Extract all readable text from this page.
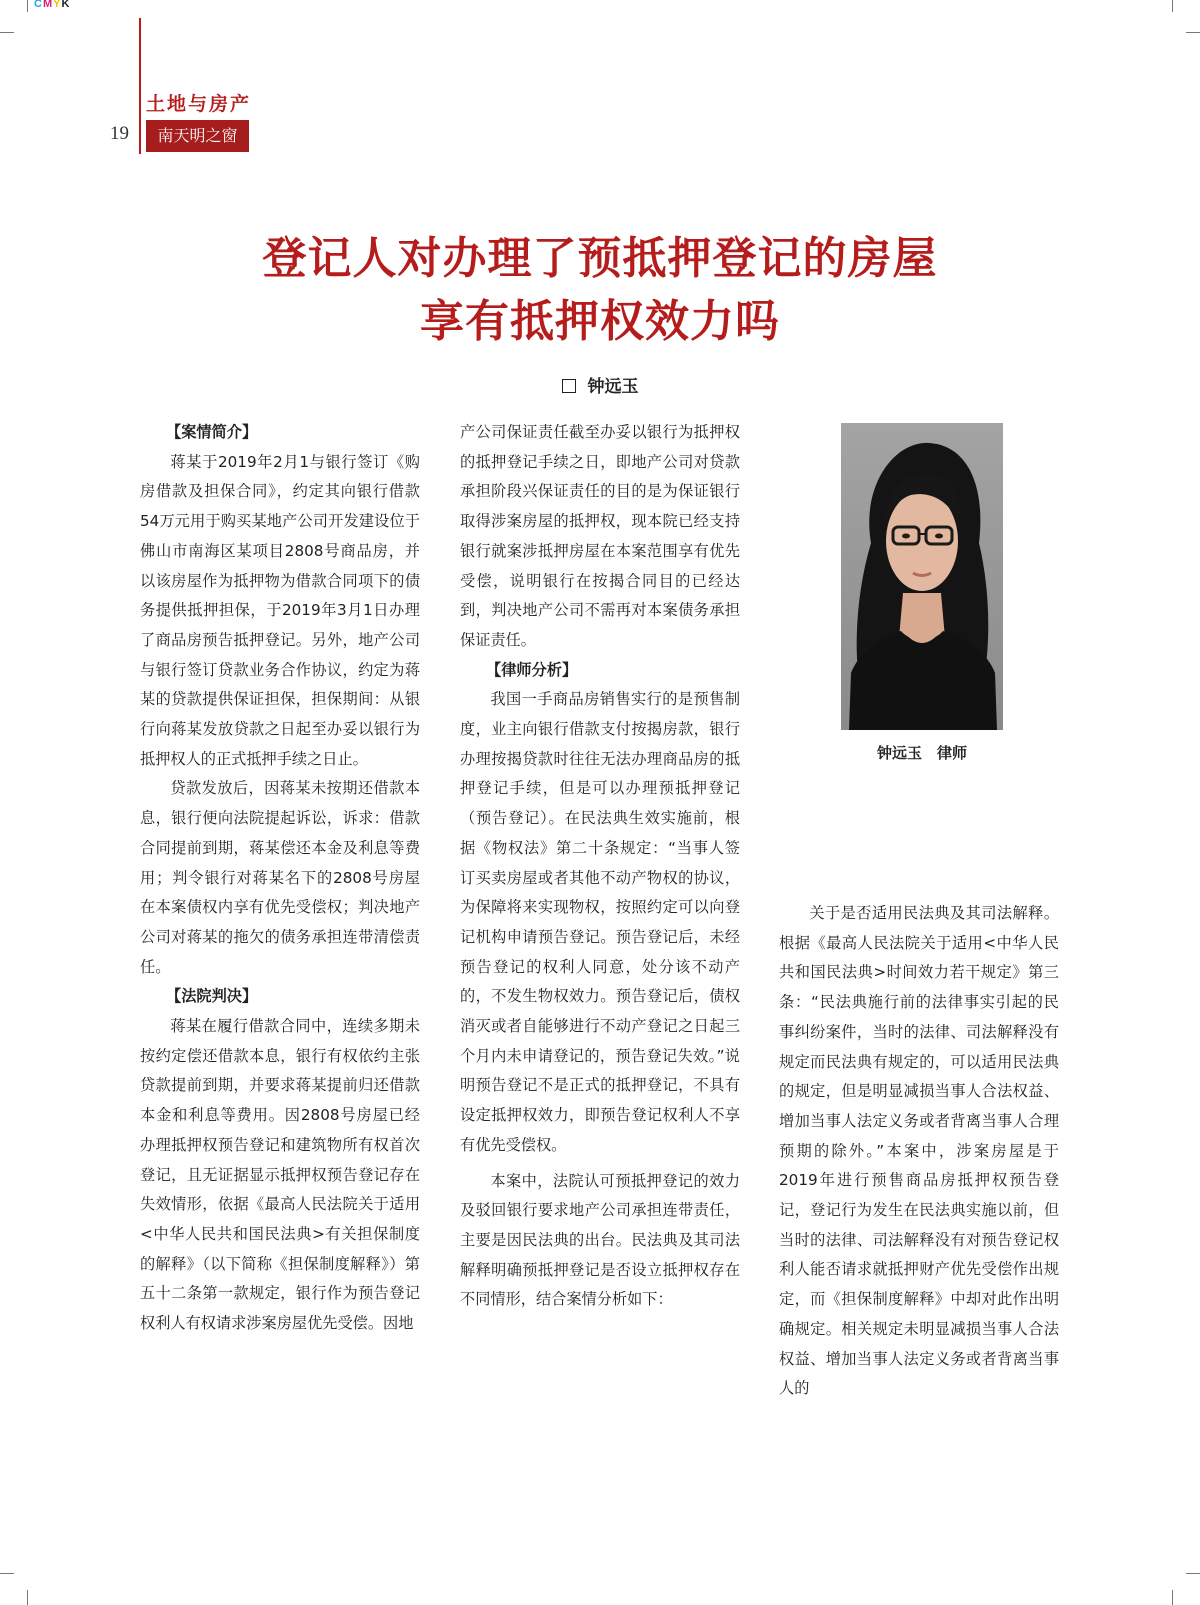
CMYK
土地与房产
19	南天明之窗
登记人对办理了预抵押登记的房屋
享有抵押权效力吗
钟远玉
【案情简介】

蒋某于2019年2月1与银行签订《购房借款及担保合同》，约定其向银行借款54万元用于购买某地产公司开发建设位于佛山市南海区某项目2808号商品房，并以该房屋作为抵押物为借款合同项下的债务提供抵押担保，于2019年3月1日办理了商品房预告抵押登记。另外，地产公司与银行签订贷款业务合作协议，约定为蒋某的贷款提供保证担保，担保期间：从银行向蒋某发放贷款之日起至办妥以银行为抵押权人的正式抵押手续之日止。

贷款发放后，因蒋某未按期还借款本息，银行便向法院提起诉讼，诉求：借款合同提前到期，蒋某偿还本金及利息等费用；判令银行对蒋某名下的2808号房屋在本案债权内享有优先受偿权；判决地产公司对蒋某的拖欠的债务承担连带清偿责任。

【法院判决】

蒋某在履行借款合同中，连续多期未按约定偿还借款本息，银行有权依约主张贷款提前到期，并要求蒋某提前归还借款本金和利息等费用。因2808号房屋已经办理抵押权预告登记和建筑物所有权首次登记，且无证据显示抵押权预告登记存在失效情形，依据《最高人民法院关于适用<中华人民共和国民法典>有关担保制度的解释》（以下简称《担保制度解释》）第五十二条第一款规定，银行作为预告登记权利人有权请求涉案房屋优先受偿。因地

产公司保证责任截至办妥以银行为抵押权的抵押登记手续之日，即地产公司对贷款承担阶段兴保证责任的目的是为保证银行取得涉案房屋的抵押权，现本院已经支持银行就案涉抵押房屋在本案范围享有优先受偿，说明银行在按揭合同目的已经达到，判决地产公司不需再对本案债务承担保证责任。

【律师分析】

我国一手商品房销售实行的是预售制度，业主向银行借款支付按揭房款，银行办理按揭贷款时往往无法办理商品房的抵押登记手续，但是可以办理预抵押登记（预告登记）。在民法典生效实施前，根据《物权法》第二十条规定：“当事人签订买卖房屋或者其他不动产物权的协议，为保障将来实现物权，按照约定可以向登记机构申请预告登记。预告登记后，未经预告登记的权利人同意，处分该不动产的，不发生物权效力。预告登记后，债权消灭或者自能够进行不动产登记之日起三个月内未申请登记的，预告登记失效。”说明预告登记不是正式的抵押登记，不具有设定抵押权效力，即预告登记权利人不享有优先受偿权。

本案中，法院认可预抵押登记的效力及驳回银行要求地产公司承担连带责任，主要是因民法典的出台。民法典及其司法解释明确预抵押登记是否设立抵押权存在不同情形，结合案情分析如下：

关于是否适用民法典及其司法解释。根据《最高人民法院关于适用<中华人民共和国民法典>时间效力若干规定》第三条：“民法典施行前的法律事实引起的民事纠纷案件，当时的法律、司法解释没有规定而民法典有规定的，可以适用民法典的规定，但是明显减损当事人合法权益、增加当事人法定义务或者背离当事人合理预期的除外。”本案中，涉案房屋是于2019年进行预售商品房抵押权预告登记，登记行为发生在民法典实施以前，但当时的法律、司法解释没有对预告登记权利人能否请求就抵押财产优先受偿作出规定，而《担保制度解释》中却对此作出明确规定。相关规定未明显减损当事人合法权益、增加当事人法定义务或者背离当事人的

钟远玉　律师
